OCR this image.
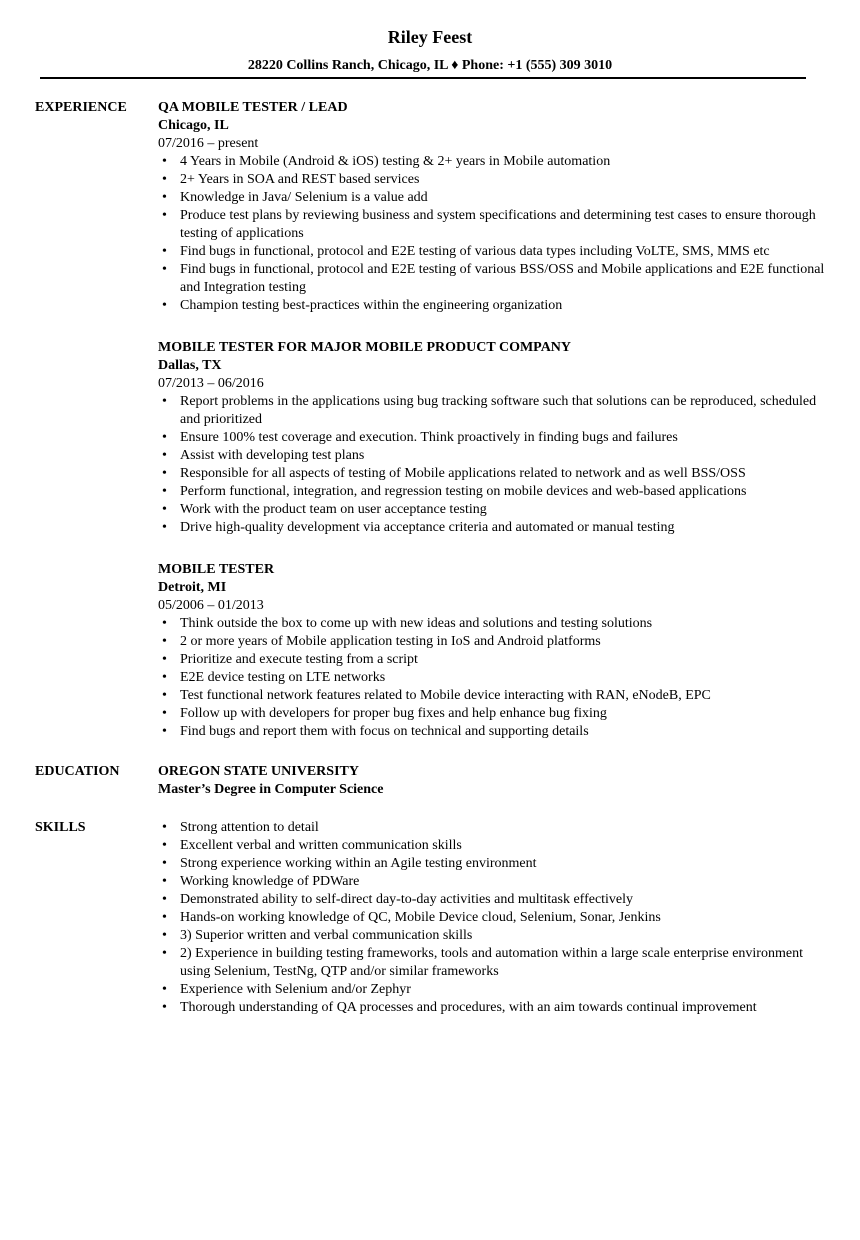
Riley Feest
28220 Collins Ranch, Chicago, IL ♦ Phone: +1 (555) 309 3010
EXPERIENCE QA MOBILE TESTER / LEAD
Chicago, IL
07/2016 – present
• 4 Years in Mobile (Android & iOS) testing & 2+ years in Mobile automation
• 2+ Years in SOA and REST based services
• Knowledge in Java/ Selenium is a value add
• Produce test plans by reviewing business and system specifications and determining test cases to ensure thorough testing of applications
• Find bugs in functional, protocol and E2E testing of various data types including VoLTE, SMS, MMS etc
• Find bugs in functional, protocol and E2E testing of various BSS/OSS and Mobile applications and E2E functional and Integration testing
• Champion testing best-practices within the engineering organization
MOBILE TESTER FOR MAJOR MOBILE PRODUCT COMPANY
Dallas, TX
07/2013 – 06/2016
• Report problems in the applications using bug tracking software such that solutions can be reproduced, scheduled and prioritized
• Ensure 100% test coverage and execution. Think proactively in finding bugs and failures
• Assist with developing test plans
• Responsible for all aspects of testing of Mobile applications related to network and as well BSS/OSS
• Perform functional, integration, and regression testing on mobile devices and web-based applications
• Work with the product team on user acceptance testing
• Drive high-quality development via acceptance criteria and automated or manual testing
MOBILE TESTER
Detroit, MI
05/2006 – 01/2013
• Think outside the box to come up with new ideas and solutions and testing solutions
• 2 or more years of Mobile application testing in IoS and Android platforms
• Prioritize and execute testing from a script
• E2E device testing on LTE networks
• Test functional network features related to Mobile device interacting with RAN, eNodeB, EPC
• Follow up with developers for proper bug fixes and help enhance bug fixing
• Find bugs and report them with focus on technical and supporting details
EDUCATION	OREGON STATE UNIVERSITY
Master’s Degree in Computer Science
SKILLS
•	Strong attention to detail
• Excellent verbal and written communication skills
• Strong experience working within an Agile testing environment
• Working knowledge of PDWare
• Demonstrated ability to self-direct day-to-day activities and multitask effectively
• Hands-on working knowledge of QC, Mobile Device cloud, Selenium, Sonar, Jenkins
• 3) Superior written and verbal communication skills
• 2) Experience in building testing frameworks, tools and automation within a large scale enterprise environment using Selenium, TestNg, QTP and/or similar frameworks
• Experience with Selenium and/or Zephyr
• Thorough understanding of QA processes and procedures, with an aim towards continual improvement
